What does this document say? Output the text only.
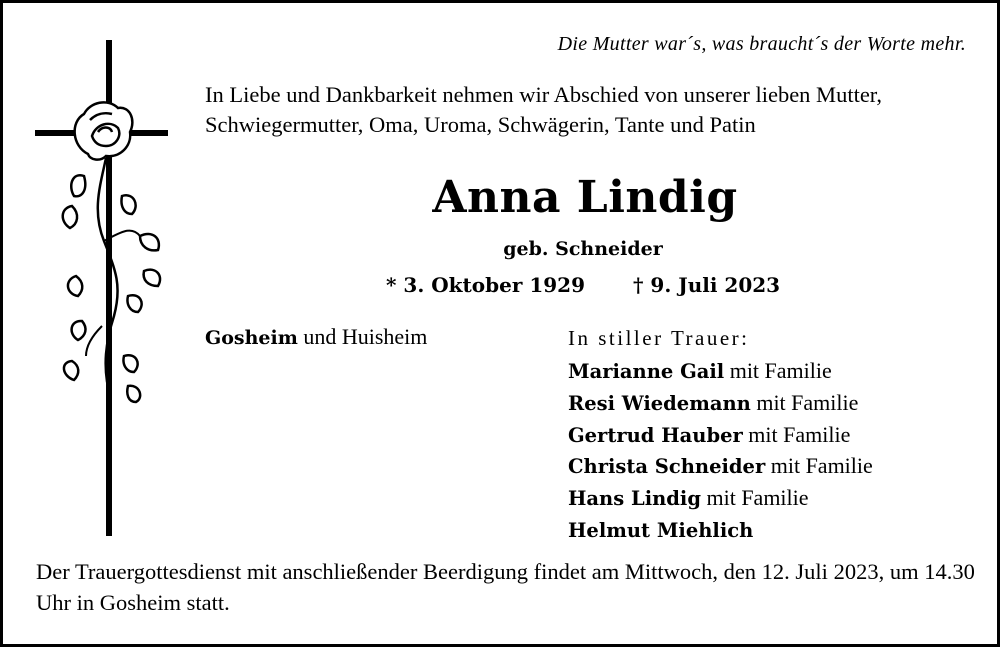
Die Mutter war´s, was braucht´s der Worte mehr.
In Liebe und Dankbarkeit nehmen wir Abschied von unserer lieben Mutter, Schwiegermutter, Oma, Uroma, Schwägerin, Tante und Patin
Anna Lindig
geb. Schneider
* 3. Oktober 1929 † 9. Juli 2023
Gosheim und Huisheim	In stiller Trauer:
Marianne Gail mit Familie
Resi Wiedemann mit Familie
Gertrud Hauber mit Familie
Christa Schneider mit Familie
Hans Lindig mit Familie
Helmut Miehlich
Der Trauergottesdienst mit anschließender Beerdigung findet am Mittwoch, den 12. Juli 2023, um 14.30 Uhr in Gosheim statt.
